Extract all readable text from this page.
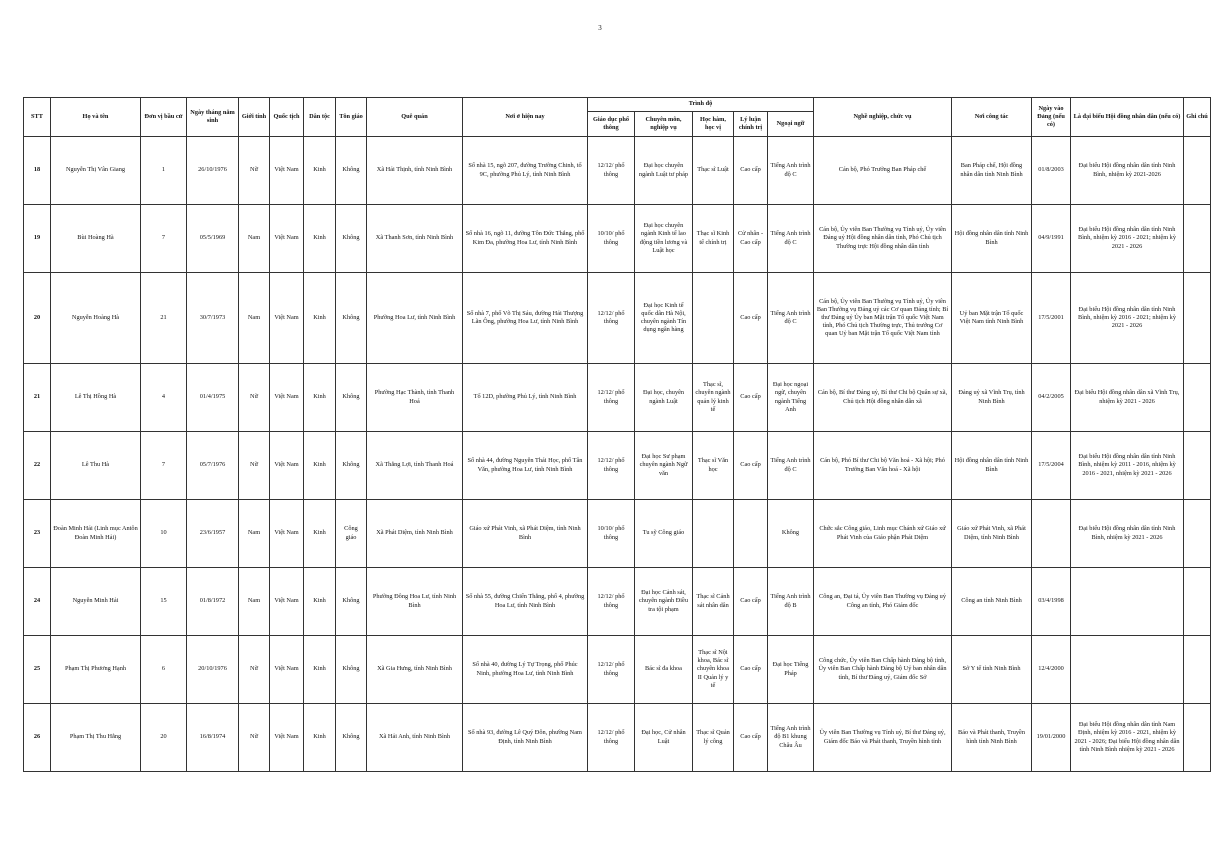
3
STT	Họ và tên	Đơn vị bầu cử	Ngày tháng năm sinh	Giới tính	Quốc tịch	Dân tộc	Tôn giáo	Quê quán	Nơi ở hiện nay	Trình độ					Nghề nghiệp, chức vụ	Nơi công tác	Ngày vào Đảng (nếu có)	Là đại biểu Hội đồng nhân dân (nếu có)	Ghi chú
										Giáo dục phổ thông	Chuyên môn, nghiệp vụ	Học hàm, học vị	Lý luận chính trị	Ngoại ngữ					
18	Nguyễn Thị Vân Giang	1	26/10/1976	Nữ	Việt Nam	Kinh	Không	Xã Hải Thịnh, tỉnh Ninh Bình	Số nhà 15, ngõ 207, đường Trường Chinh, tổ 9C, phường Phủ Lý, tỉnh Ninh Bình	12/12/ phổ thông	Đại học chuyên ngành Luật tư pháp	Thạc sĩ Luật	Cao cấp	Tiếng Anh trình độ C	Cán bộ, Phó Trưởng Ban Pháp chế	Ban Pháp chế, Hội đồng nhân dân tỉnh Ninh Bình	01/8/2003	Đại biểu Hội đồng nhân dân tỉnh Ninh Bình, nhiệm kỳ 2021-2026	
19	Bùi Hoàng Hà	7	05/5/1969	Nam	Việt Nam	Kinh	Không	Xã Thanh Sơn, tỉnh Ninh Bình	Số nhà 16, ngõ 11, đường Tôn Đức Thắng, phố Kim Đa, phường Hoa Lư, tỉnh Ninh Bình	10/10/ phổ thông	Đại học chuyên ngành Kinh tế lao động tiền lương và Luật học	Thạc sĩ Kinh tế chính trị	Cử nhân - Cao cấp	Tiếng Anh trình độ C	Cán bộ, Ủy viên Ban Thường vụ Tỉnh uỷ, Ủy viên Đảng uỷ Hội đồng nhân dân tỉnh, Phó Chủ tịch Thường trực Hội đồng nhân dân tỉnh	Hội đồng nhân dân tỉnh Ninh Bình	04/9/1991	Đại biểu Hội đồng nhân dân tỉnh Ninh Bình, nhiệm kỳ 2016 - 2021; nhiệm kỳ 2021 - 2026	
20	Nguyễn Hoàng Hà	21	30/7/1973	Nam	Việt Nam	Kinh	Không	Phường Hoa Lư, tỉnh Ninh Bình	Số nhà 7, phố Võ Thị Sáu, đường Hải Thượng Lãn Ông, phường Hoa Lư, tỉnh Ninh Bình	12/12/ phổ thông	Đại học Kinh tế quốc dân Hà Nội, chuyên ngành Tín dụng ngân hàng		Cao cấp	Tiếng Anh trình độ C	Cán bộ, Ủy viên Ban Thường vụ Tỉnh uỷ, Ủy viên Ban Thường vụ Đảng uỷ các Cơ quan Đảng tỉnh; Bí thư Đảng uỷ Ủy ban Mặt trận Tổ quốc Việt Nam tỉnh, Phó Chủ tịch Thường trực, Thủ trưởng Cơ quan Uỷ ban Mặt trận Tổ quốc Việt Nam tỉnh	Uỷ ban Mặt trận Tổ quốc Việt Nam tỉnh Ninh Bình	17/5/2001	Đại biểu Hội đồng nhân dân tỉnh Ninh Bình, nhiệm kỳ 2016 - 2021; nhiệm kỳ 2021 - 2026	
21	Lê Thị Hồng Hà	4	01/4/1975	Nữ	Việt Nam	Kinh	Không	Phường Hạc Thành, tỉnh Thanh Hoá	Tổ 12D, phường Phủ Lý, tỉnh Ninh Bình	12/12/ phổ thông	Đại học, chuyên ngành Luật	Thạc sĩ, chuyên ngành quản lý kinh tế	Cao cấp	Đại học ngoại ngữ, chuyên ngành Tiếng Anh	Cán bộ, Bí thư Đảng uỷ, Bí thư Chi bộ Quân sự xã, Chủ tịch Hội đồng nhân dân xã	Đảng uỷ xã Vĩnh Trụ, tỉnh Ninh Bình	04/2/2005	Đại biểu Hội đồng nhân dân xã Vĩnh Trụ, nhiệm kỳ 2021 - 2026	
22	Lê Thu Hà	7	05/7/1976	Nữ	Việt Nam	Kinh	Không	Xã Thắng Lợi, tỉnh Thanh Hoá	Số nhà 44, đường Nguyễn Thái Học, phố Tân Văn, phường Hoa Lư, tỉnh Ninh Bình	12/12/ phổ thông	Đại học Sư phạm chuyên ngành Ngữ văn	Thạc sĩ Văn học	Cao cấp	Tiếng Anh trình độ C	Cán bộ, Phó Bí thư Chi bộ Văn hoá - Xã hội; Phó Trưởng Ban Văn hoá - Xã hội	Hội đồng nhân dân tỉnh Ninh Bình	17/5/2004	Đại biểu Hội đồng nhân dân tỉnh Ninh Bình, nhiệm kỳ 2011 - 2016, nhiệm kỳ 2016 - 2021, nhiệm kỳ 2021 - 2026	
23	Đoàn Minh Hải (Linh mục Antôn Đoàn Minh Hải)	10	23/6/1957	Nam	Việt Nam	Kinh	Công giáo	Xã Phát Diệm, tỉnh Ninh Bình	Giáo xứ Phát Vinh, xã Phát Diệm, tỉnh Ninh Bình	10/10/ phổ thông	Tu sỹ Công giáo			Không	Chức sắc Công giáo, Linh mục Chánh xứ Giáo xứ Phát Vinh của Giáo phận Phát Diệm	Giáo xứ Phát Vinh, xã Phát Diệm, tỉnh Ninh Bình		Đại biểu Hội đồng nhân dân tỉnh Ninh Bình, nhiệm kỳ 2021 - 2026	
24	Nguyễn Minh Hải	15	01/8/1972	Nam	Việt Nam	Kinh	Không	Phường Đông Hoa Lư, tỉnh Ninh Bình	Số nhà 55, đường Chiến Thắng, phố 4, phường Hoa Lư, tỉnh Ninh Bình	12/12/ phổ thông	Đại học Cảnh sát, chuyên ngành Điều tra tội phạm	Thạc sĩ Cảnh sát nhân dân	Cao cấp	Tiếng Anh trình độ B	Công an, Đại tá, Ủy viên Ban Thường vụ Đảng uỷ Công an tỉnh, Phó Giám đốc	Công an tỉnh Ninh Bình	03/4/1998		
25	Phạm Thị Phương Hạnh	6	20/10/1976	Nữ	Việt Nam	Kinh	Không	Xã Gia Hưng, tỉnh Ninh Bình	Số nhà 40, đường Lý Tự Trọng, phố Phúc Ninh, phường Hoa Lư, tỉnh Ninh Bình	12/12/ phổ thông	Bác sĩ đa khoa	Thạc sĩ Nội khoa, Bác sĩ chuyên khoa II Quản lý y tế	Cao cấp	Đại học Tiếng Pháp	Công chức, Ủy viên Ban Chấp hành Đảng bộ tỉnh, Ủy viên Ban Chấp hành Đảng bộ Uỷ ban nhân dân tỉnh, Bí thư Đảng uỷ, Giám đốc Sở	Sở Y tế tỉnh Ninh Bình	12/4/2000		
26	Phạm Thị Thu Hằng	20	16/8/1974	Nữ	Việt Nam	Kinh	Không	Xã Hải Anh, tỉnh Ninh Bình	Số nhà 93, đường Lê Quý Đôn, phường Nam Định, tỉnh Ninh Bình	12/12/ phổ thông	Đại học, Cử nhân Luật	Thạc sĩ Quản lý công	Cao cấp	Tiếng Anh trình độ B1 khung Châu Âu	Ủy viên Ban Thường vụ Tỉnh uỷ, Bí thư Đảng uỷ, Giám đốc Báo và Phát thanh, Truyền hình tỉnh	Báo và Phát thanh, Truyền hình tỉnh Ninh Bình	19/01/2000	Đại biểu Hội đồng nhân dân tỉnh Nam Định, nhiệm kỳ 2016 - 2021, nhiệm kỳ 2021 - 2026; Đại biểu Hội đồng nhân dân tỉnh Ninh Bình nhiệm kỳ 2021 - 2026	
